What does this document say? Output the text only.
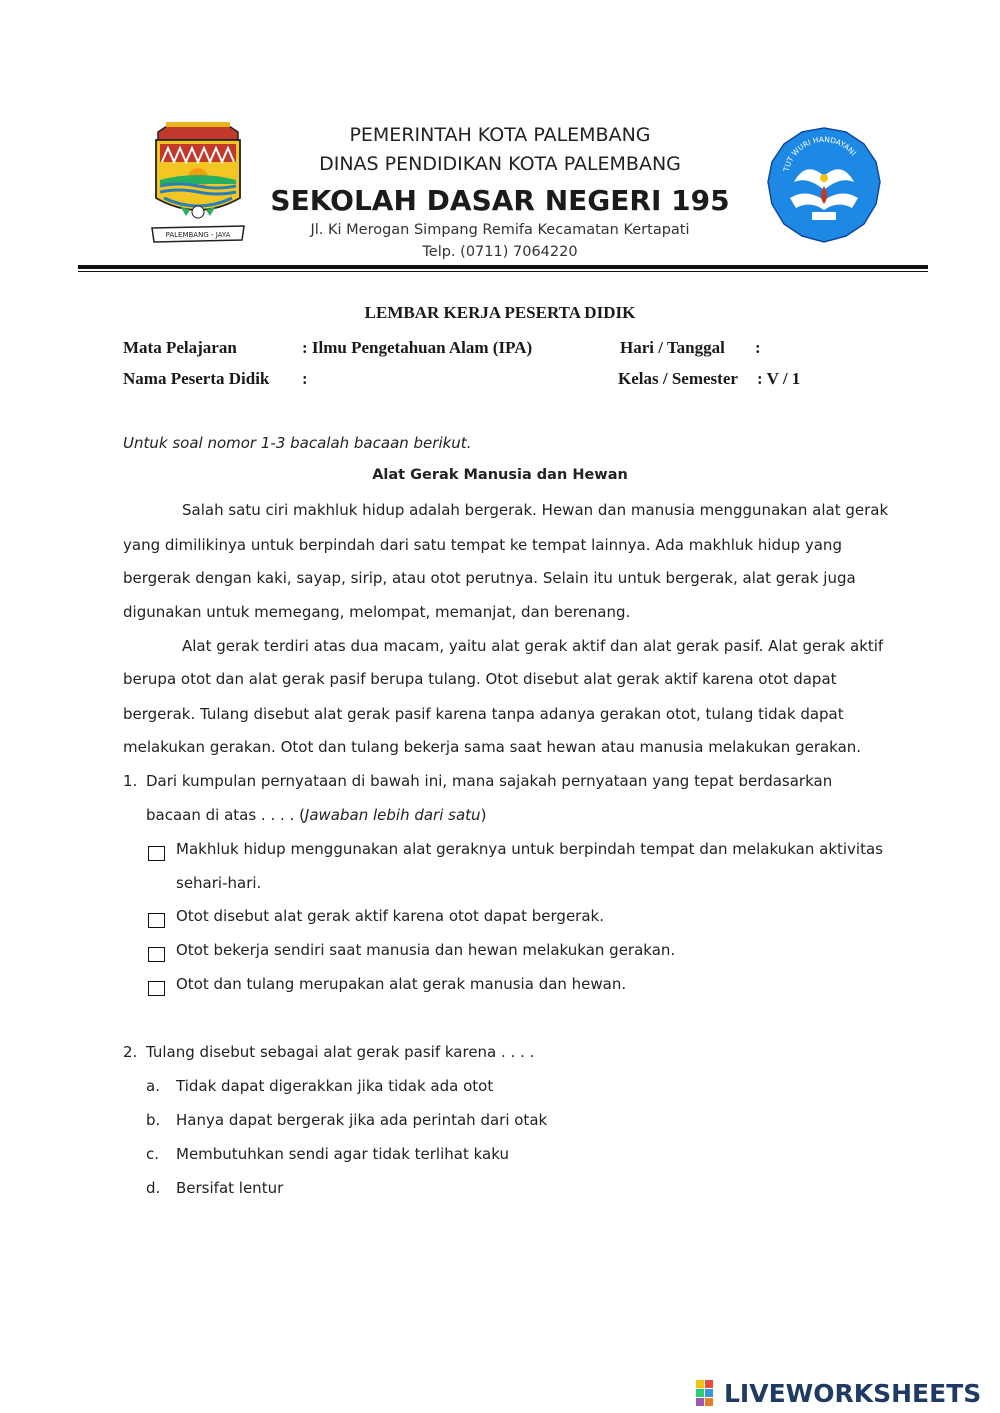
PALEMBANG - JAYA
PEMERINTAH KOTA PALEMBANG
DINAS PENDIDIKAN KOTA PALEMBANG
SEKOLAH DASAR NEGERI 195
Jl. Ki Merogan Simpang Remifa Kecamatan Kertapati
Telp. (0711) 7064220
TUT WURI HANDAYANI
LEMBAR KERJA PESERTA DIDIK
Mata Pelajaran	: Ilmu Pengetahuan Alam (IPA)	Hari / Tanggal :
Nama Peserta Didik :	Kelas / Semester : V / 1
Untuk soal nomor 1-3 bacalah bacaan berikut.
Alat Gerak Manusia dan Hewan
Salah satu ciri makhluk hidup adalah bergerak. Hewan dan manusia menggunakan alat gerak
yang dimilikinya untuk berpindah dari satu tempat ke tempat lainnya. Ada makhluk hidup yang
bergerak dengan kaki, sayap, sirip, atau otot perutnya. Selain itu untuk bergerak, alat gerak juga
digunakan untuk memegang, melompat, memanjat, dan berenang.
Alat gerak terdiri atas dua macam, yaitu alat gerak aktif dan alat gerak pasif. Alat gerak aktif
berupa otot dan alat gerak pasif berupa tulang. Otot disebut alat gerak aktif karena otot dapat
bergerak. Tulang disebut alat gerak pasif karena tanpa adanya gerakan otot, tulang tidak dapat
melakukan gerakan. Otot dan tulang bekerja sama saat hewan atau manusia melakukan gerakan.
1. Dari kumpulan pernyataan di bawah ini, mana sajakah pernyataan yang tepat berdasarkan
bacaan di atas . . . . (Jawaban lebih dari satu)
Makhluk hidup menggunakan alat geraknya untuk berpindah tempat dan melakukan aktivitas
sehari-hari.
Otot disebut alat gerak aktif karena otot dapat bergerak.
Otot bekerja sendiri saat manusia dan hewan melakukan gerakan.
Otot dan tulang merupakan alat gerak manusia dan hewan.
2. Tulang disebut sebagai alat gerak pasif karena . . . .
a. Tidak dapat digerakkan jika tidak ada otot
b. Hanya dapat bergerak jika ada perintah dari otak
c. Membutuhkan sendi agar tidak terlihat kaku
d. Bersifat lentur
LIVEWORKSHEETS
